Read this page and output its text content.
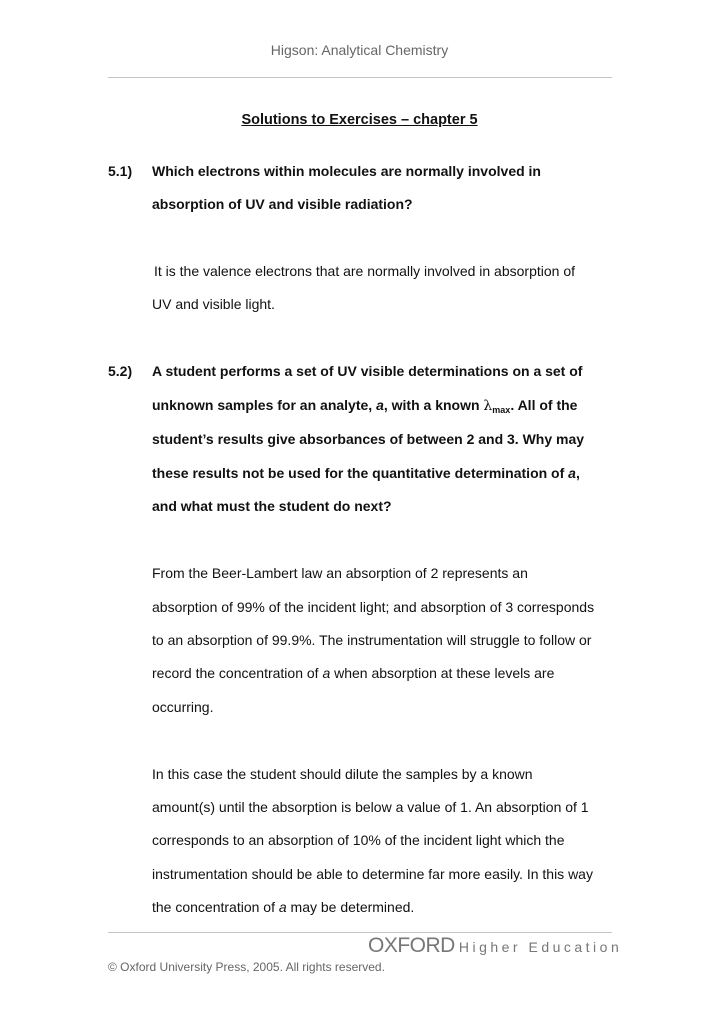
Higson: Analytical Chemistry
Solutions to Exercises – chapter 5
5.1) Which electrons within molecules are normally involved in
absorption of UV and visible radiation?
It is the valence electrons that are normally involved in absorption of
UV and visible light.
5.2) A student performs a set of UV visible determinations on a set of
unknown samples for an analyte, a, with a known $\lambda_{max}$. All of the
student’s results give absorbances of between 2 and 3. Why may
these results not be used for the quantitative determination of a,
and what must the student do next?
From the Beer-Lambert law an absorption of 2 represents an
absorption of 99% of the incident light; and absorption of 3 corresponds
to an absorption of 99.9%. The instrumentation will struggle to follow or
record the concentration of a when absorption at these levels are
occurring.
In this case the student should dilute the samples by a known
amount(s) until the absorption is below a value of 1. An absorption of 1
corresponds to an absorption of 10% of the incident light which the
instrumentation should be able to determine far more easily. In this way
the concentration of a may be determined.
OXFORD Higher Education
© Oxford University Press, 2005. All rights reserved.
